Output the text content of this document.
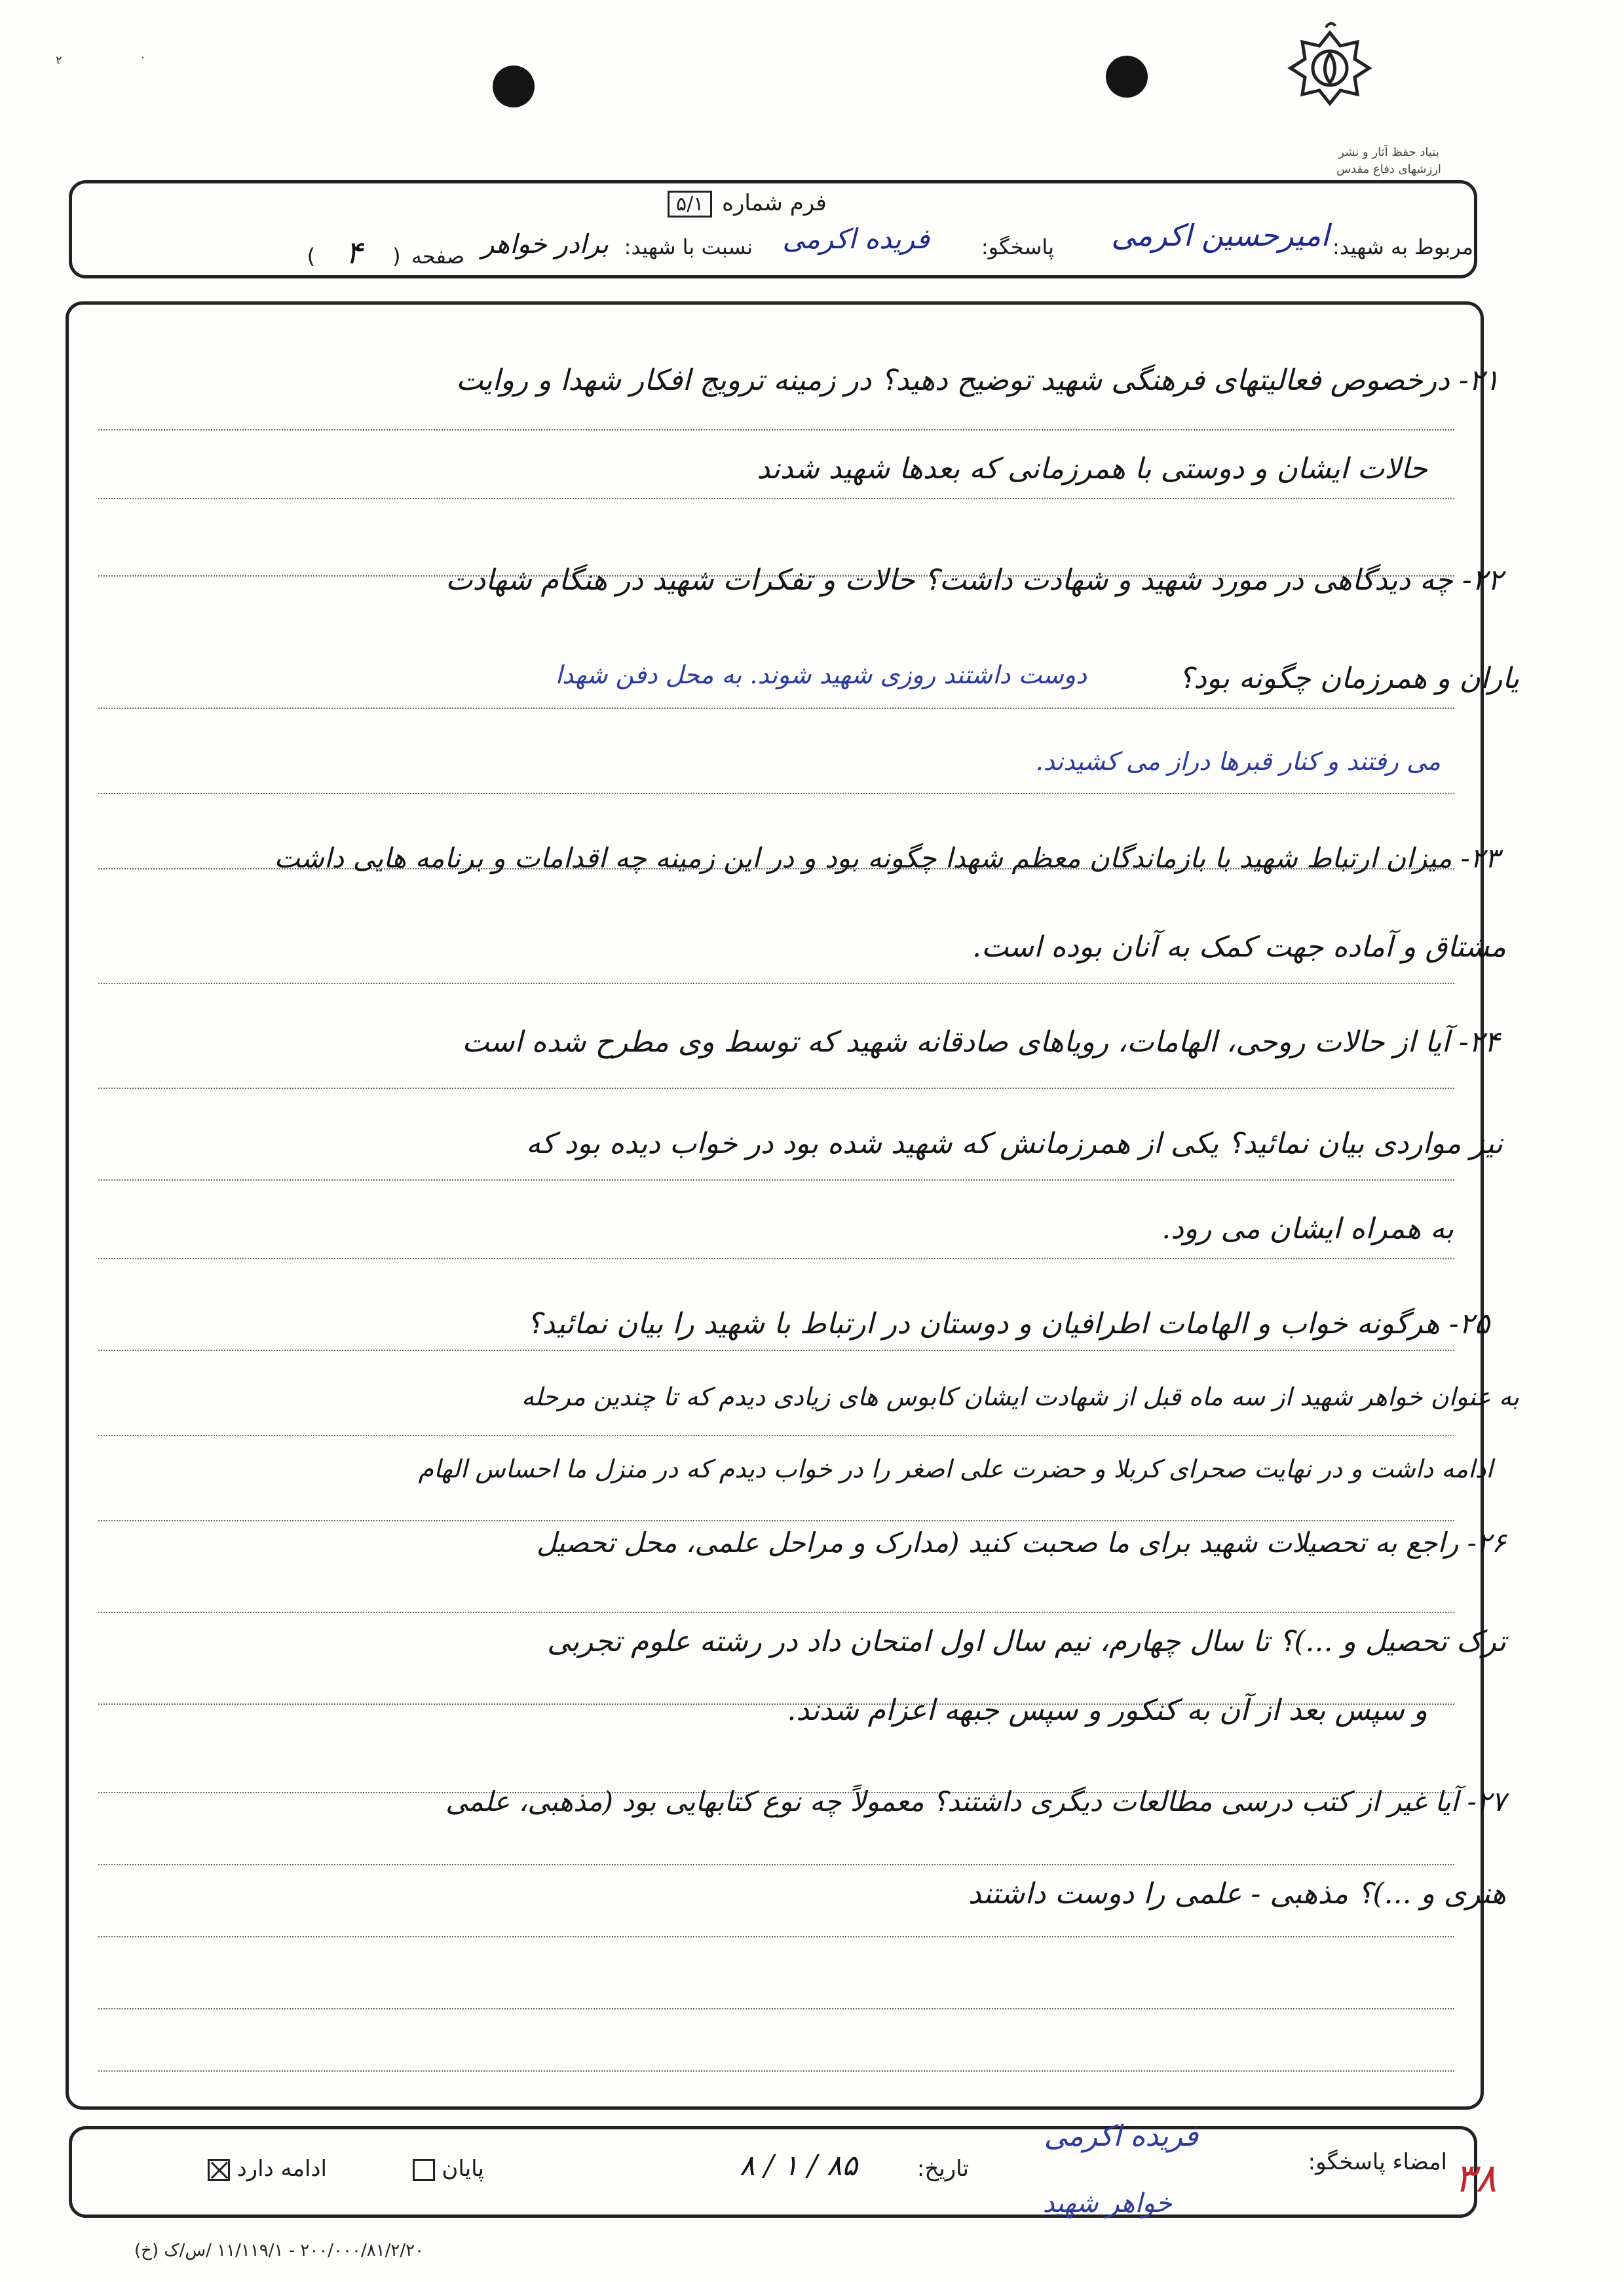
۲	·
بنیاد حفظ آثار و نشر ارزشهای دفاع مقدس
فرم شماره ۵/۱
مربوط به شهید:
امیرحسین اکرمی
پاسخگو:
فریده اکرمی
نسبت با شهید:
برادر خواهر
صفحه ( ۴ )
۲۱- درخصوص فعالیتهای فرهنگی شهید توضیح دهید؟ در زمینه ترویج افکار شهدا و روایت
حالات ایشان و دوستی با همرزمانی که بعدها شهید شدند
۲۲- چه دیدگاهی در مورد شهید و شهادت داشت؟ حالات و تفکرات شهید در هنگام شهادت
یاران و همرزمان چگونه بود؟
دوست داشتند روزی شهید شوند. به محل دفن شهدا
می رفتند و کنار قبرها دراز می کشیدند.
۲۳- میزان ارتباط شهید با بازماندگان معظم شهدا چگونه بود و در این زمینه چه اقدامات و برنامه هایی داشت
مشتاق و آماده جهت کمک به آنان بوده است.
۲۴- آیا از حالات روحی، الهامات، رویاهای صادقانه شهید که توسط وی مطرح شده است
نیز مواردی بیان نمائید؟ یکی از همرزمانش که شهید شده بود در خواب دیده بود که
به همراه ایشان می رود.
۲۵- هرگونه خواب و الهامات اطرافیان و دوستان در ارتباط با شهید را بیان نمائید؟
به عنوان خواهر شهید از سه ماه قبل از شهادت ایشان کابوس های زیادی دیدم که تا چندین مرحله
ادامه داشت و در نهایت صحرای کربلا و حضرت علی اصغر را در خواب دیدم که در منزل ما احساس الهام
۲۶- راجع به تحصیلات شهید برای ما صحبت کنید (مدارک و مراحل علمی، محل تحصیل
ترک تحصیل و ...)؟ تا سال چهارم، نیم سال اول امتحان داد در رشته علوم تجربی
و سپس بعد از آن به کنکور و سپس جبهه اعزام شدند.
۲۷- آیا غیر از کتب درسی مطالعات دیگری داشتند؟ معمولاً چه نوع کتابهایی بود (مذهبی، علمی
هنری و ...)؟ مذهبی - علمی را دوست داشتند
امضاء پاسخگو:
فریده اکرمی
خواهر شهید
تاریخ:
۸۵ / ۱ / ۸
پایان
ادامه دارد	۳۸
(خ) ۲۰۰/۰۰۰/۸۱/۲/۲۰ - ۱۱/۱۱۹/۱ /س/ک
